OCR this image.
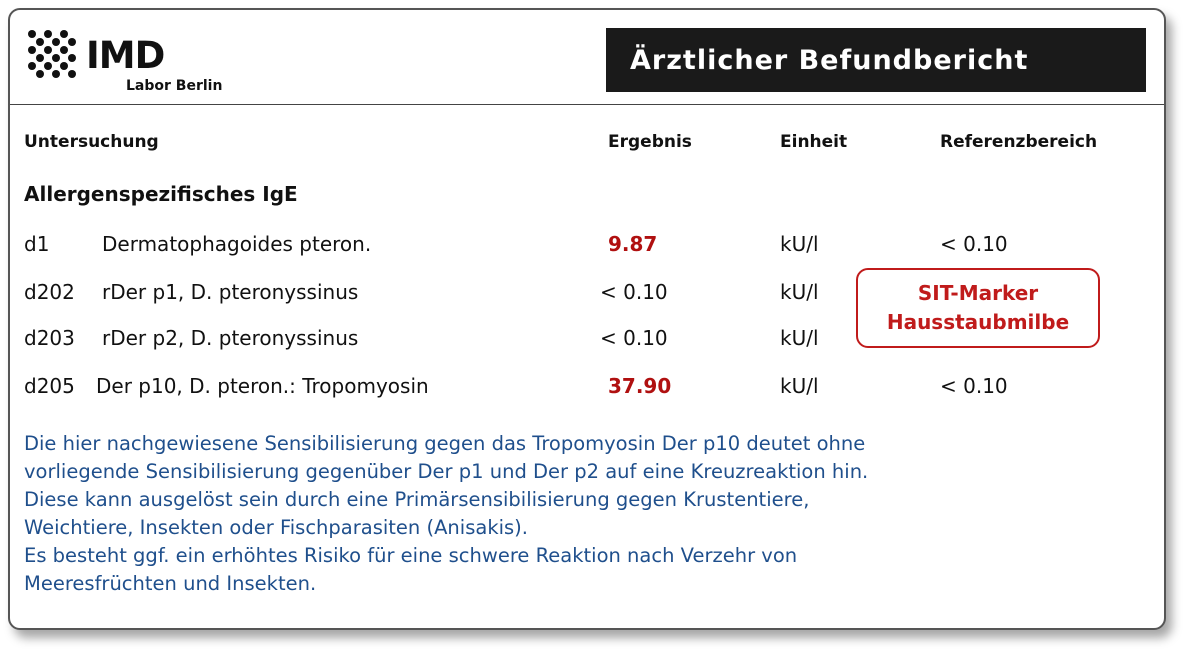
IMD
Labor Berlin
Ärztlicher Befundbericht
Untersuchung	Ergebnis	Einheit	Referenzbereich
Allergenspezifisches IgE
d1	Dermatophagoides pteron.	9.87	kU/l	< 0.10
d202 rDer p1, D. pteronyssinus	< 0.10	kU/l
d203 rDer p2, D. pteronyssinus	< 0.10	kU/l
d205 Der p10, D. pteron.: Tropomyosin	37.90	kU/l	< 0.10
SIT-Marker
Hausstaubmilbe
Die hier nachgewiesene Sensibilisierung gegen das Tropomyosin Der p10 deutet ohne
vorliegende Sensibilisierung gegenüber Der p1 und Der p2 auf eine Kreuzreaktion hin.
Diese kann ausgelöst sein durch eine Primärsensibilisierung gegen Krustentiere,
Weichtiere, Insekten oder Fischparasiten (Anisakis).
Es besteht ggf. ein erhöhtes Risiko für eine schwere Reaktion nach Verzehr von
Meeresfrüchten und Insekten.
